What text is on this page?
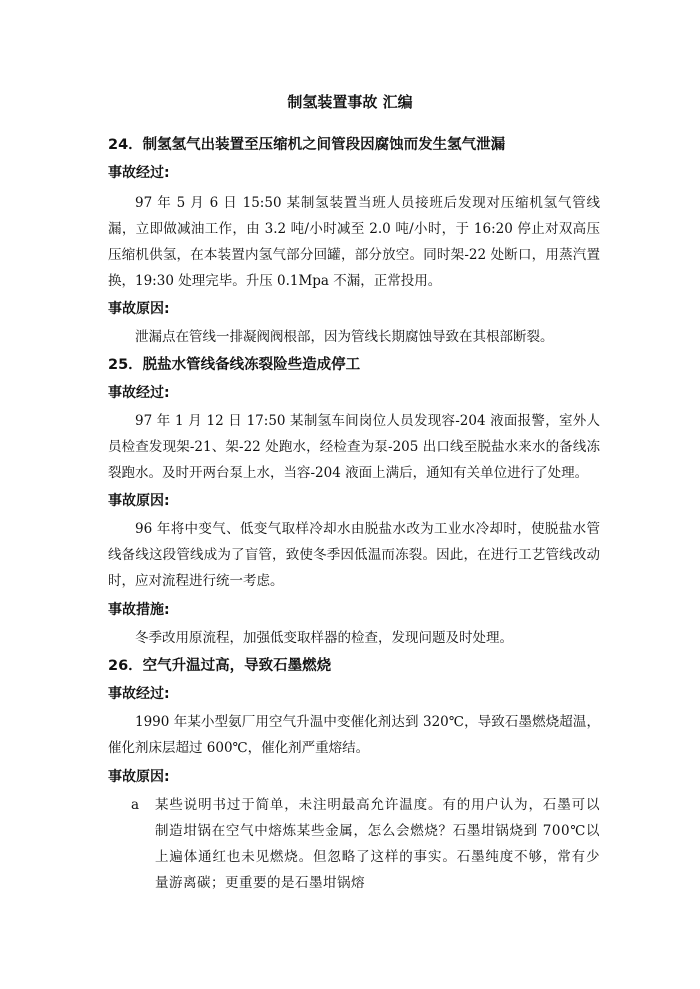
制氢装置事故 汇编
24．制氢氢气出装置至压缩机之间管段因腐蚀而发生氢气泄漏
事故经过:
97 年 5 月 6 日 15:50 某制氢装置当班人员接班后发现对压缩机氢气管线漏，立即做减油工作，由 3.2 吨/小时减至 2.0 吨/小时，于 16:20 停止对双高压压缩机供氢，在本装置内氢气部分回罐，部分放空。同时架-22 处断口，用蒸汽置换，19:30 处理完毕。升压 0.1Mpa 不漏，正常投用。
事故原因:
泄漏点在管线一排凝阀阀根部，因为管线长期腐蚀导致在其根部断裂。
25．脱盐水管线备线冻裂险些造成停工
事故经过:
97 年 1 月 12 日 17:50 某制氢车间岗位人员发现容-204 液面报警，室外人员检查发现架-21、架-22 处跑水，经检查为泵-205 出口线至脱盐水来水的备线冻裂跑水。及时开两台泵上水，当容-204 液面上满后，通知有关单位进行了处理。
事故原因:
96 年将中变气、低变气取样冷却水由脱盐水改为工业水冷却时，使脱盐水管线备线这段管线成为了盲管，致使冬季因低温而冻裂。因此，在进行工艺管线改动时，应对流程进行统一考虑。
事故措施:
冬季改用原流程，加强低变取样器的检查，发现问题及时处理。
26．空气升温过高，导致石墨燃烧
事故经过:
1990 年某小型氨厂用空气升温中变催化剂达到 320℃，导致石墨燃烧超温，催化剂床层超过 600℃，催化剂严重熔结。
事故原因:
a 某些说明书过于简单，未注明最高允许温度。有的用户认为，石墨可以制造坩锅在空气中熔炼某些金属，怎么会燃烧？石墨坩锅烧到 700℃以上遍体通红也未见燃烧。但忽略了这样的事实。石墨纯度不够，常有少量游离碳；更重要的是石墨坩锅熔
